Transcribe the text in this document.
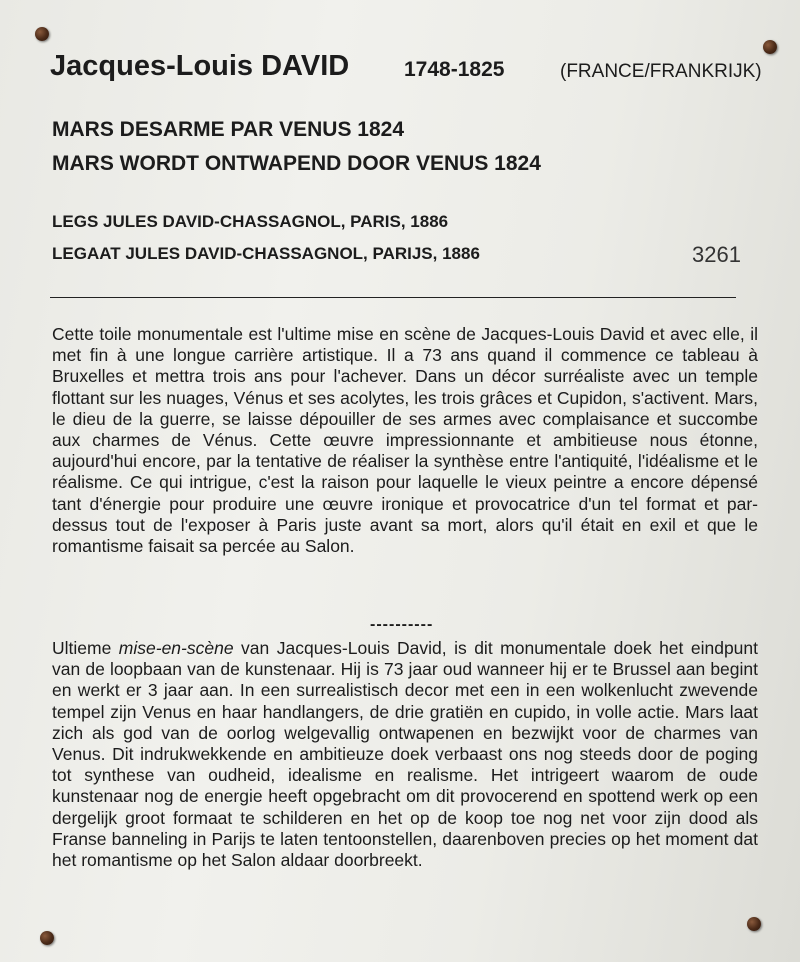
Jacques-Louis DAVID	1748-1825	(FRANCE/FRANKRIJK)
MARS DESARME PAR VENUS 1824
MARS WORDT ONTWAPEND DOOR VENUS 1824
LEGS JULES DAVID-CHASSAGNOL, PARIS, 1886
LEGAAT JULES DAVID-CHASSAGNOL, PARIJS, 1886	3261
Cette toile monumentale est l'ultime mise en scène de Jacques-Louis David et avec elle, il met fin à une longue carrière artistique. Il a 73 ans quand il commence ce tableau à Bruxelles et mettra trois ans pour l'achever. Dans un décor surréaliste avec un temple flottant sur les nuages, Vénus et ses acolytes, les trois grâces et Cupidon, s'activent. Mars, le dieu de la guerre, se laisse dépouiller de ses armes avec complaisance et succombe aux charmes de Vénus. Cette œuvre impressionnante et ambitieuse nous étonne, aujourd'hui encore, par la tentative de réaliser la synthèse entre l'antiquité, l'idéalisme et le réalisme. Ce qui intrigue, c'est la raison pour laquelle le vieux peintre a encore dépensé tant d'énergie pour produire une œuvre ironique et provocatrice d'un tel format et par-dessus tout de l'exposer à Paris juste avant sa mort, alors qu'il était en exil et que le romantisme faisait sa percée au Salon.
----------
Ultieme mise-en-scène van Jacques-Louis David, is dit monumentale doek het eindpunt van de loopbaan van de kunstenaar. Hij is 73 jaar oud wanneer hij er te Brussel aan begint en werkt er 3 jaar aan. In een surrealistisch decor met een in een wolkenlucht zwevende tempel zijn Venus en haar handlangers, de drie gratiën en cupido, in volle actie. Mars laat zich als god van de oorlog welgevallig ontwapenen en bezwijkt voor de charmes van Venus. Dit indrukwekkende en ambitieuze doek verbaast ons nog steeds door de poging tot synthese van oudheid, idealisme en realisme. Het intrigeert waarom de oude kunstenaar nog de energie heeft opgebracht om dit provocerend en spottend werk op een dergelijk groot formaat te schilderen en het op de koop toe nog net voor zijn dood als Franse banneling in Parijs te laten tentoonstellen, daarenboven precies op het moment dat het romantisme op het Salon aldaar doorbreekt.
